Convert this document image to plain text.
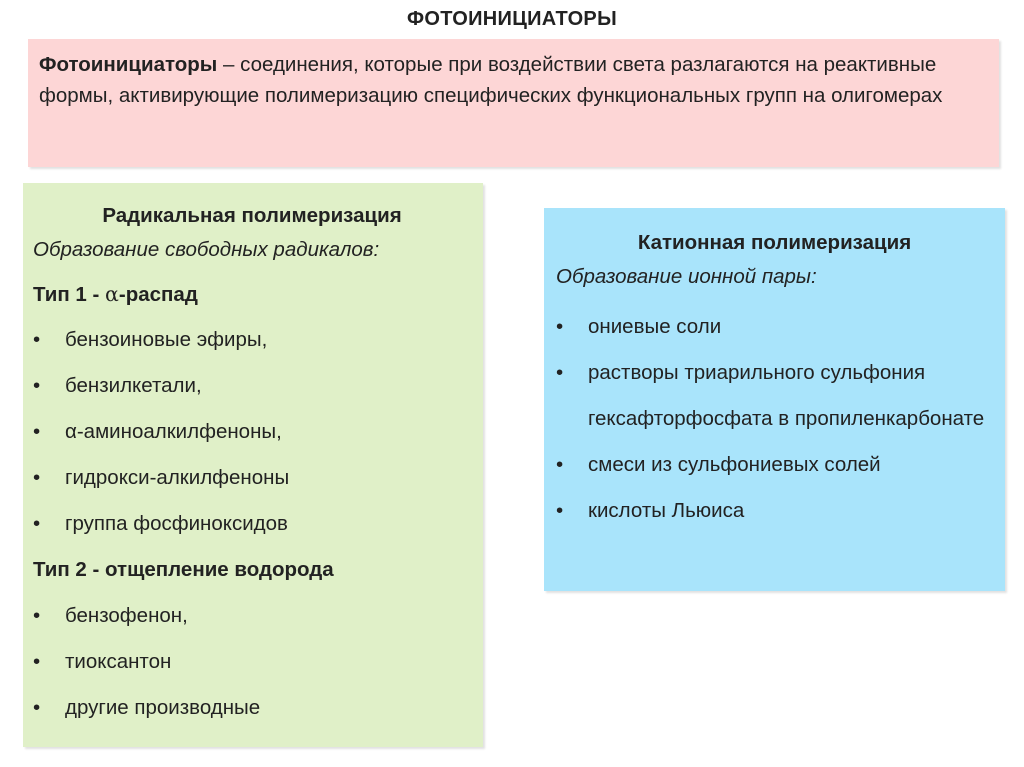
ФОТОИНИЦИАТОРЫ
Фотоинициаторы – соединения, которые при воздействии света разлагаются на реактивные формы, активирующие полимеризацию специфических функциональных групп на олигомерах
Радикальная полимеризация
Образование свободных радикалов:
Тип 1 - α-распад
• бензоиновые эфиры,
• бензилкетали,
• α-аминоалкилфеноны,
• гидрокси-алкилфеноны
• группа фосфиноксидов
Тип 2 - отщепление водорода
• бензофенон,
• тиоксантон
• другие производные
Катионная полимеризация
Образование ионной пары:
• ониевые соли
• растворы триарильного сульфония гексафторфосфата в пропиленкарбонате
• смеси из сульфониевых солей
• кислоты Льюиса
